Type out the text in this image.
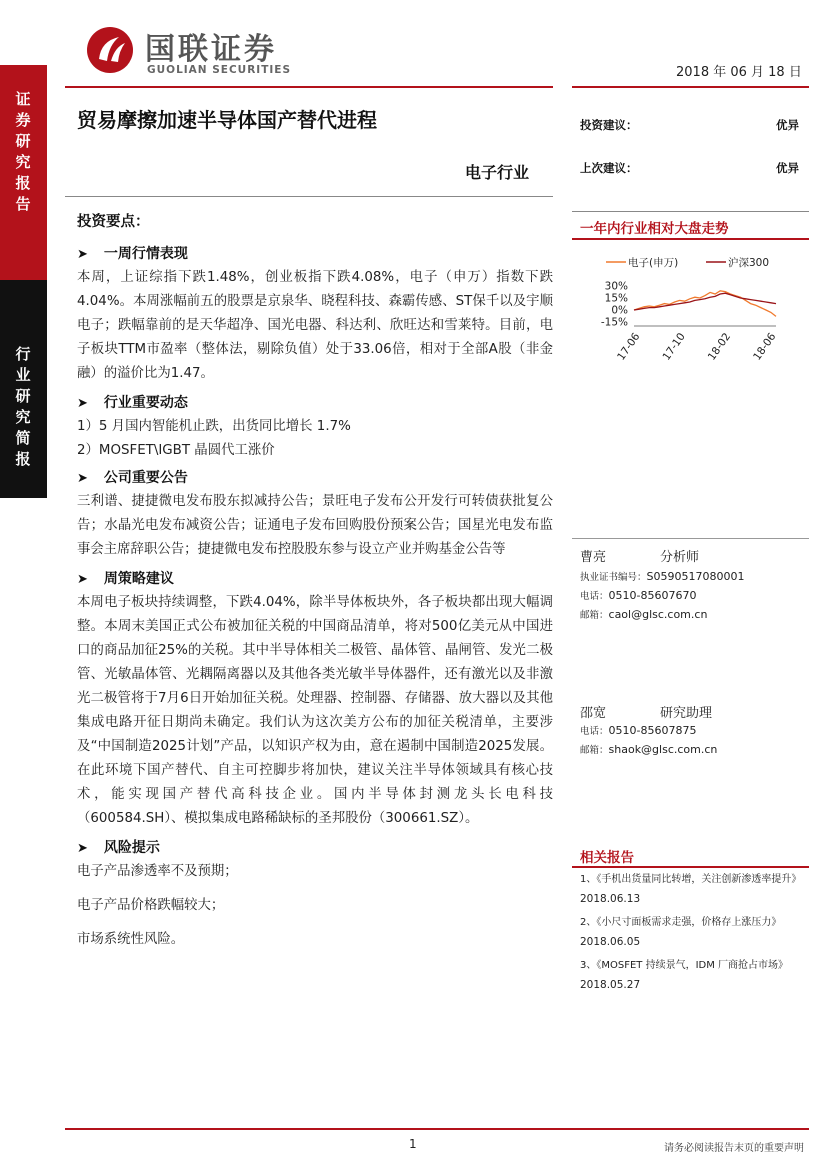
国联证券
GUOLIAN SECURITIES	2018 年 06 月 18 日
证券研究报告
行业研究简报
贸易摩擦加速半导体国产替代进程
电子行业
投资建议：	优异
上次建议：	优异
一年内行业相对大盘走势
电子(申万)	沪深300
30%
15%
0%
-15%
17-06 17-10 18-02 18-06
曹亮	分析师
执业证书编号：S0590517080001
电话：0510-85607670
邮箱：caol@glsc.com.cn
邵宽	研究助理
电话：0510-85607875
邮箱：shaok@glsc.com.cn
相关报告
1、《手机出货量同比转增，关注创新渗透率提升》
2018.06.13
2、《小尺寸面板需求走强，价格存上涨压力》
2018.06.05
3、《MOSFET 持续景气，IDM 厂商抢占市场》
2018.05.27
投资要点：
➤ 一周行情表现
本周，上证综指下跌1.48%，创业板指下跌4.08%，电子（申万）指数下跌4.04%。本周涨幅前五的股票是京泉华、晓程科技、森霸传感、ST保千以及宇顺电子；跌幅靠前的是天华超净、国光电器、科达利、欣旺达和雪莱特。目前，电子板块TTM市盈率（整体法，剔除负值）处于33.06倍，相对于全部A股（非金融）的溢价比为1.47。
➤ 行业重要动态
1）5 月国内智能机止跌，出货同比增长 1.7%
2）MOSFET\IGBT 晶圆代工涨价
➤ 公司重要公告
三利谱、捷捷微电发布股东拟减持公告；景旺电子发布公开发行可转债获批复公告；水晶光电发布减资公告；证通电子发布回购股份预案公告；国星光电发布监事会主席辞职公告；捷捷微电发布控股股东参与设立产业并购基金公告等
➤ 周策略建议
本周电子板块持续调整，下跌4.04%，除半导体板块外，各子板块都出现大幅调整。本周末美国正式公布被加征关税的中国商品清单，将对500亿美元从中国进口的商品加征25%的关税。其中半导体相关二极管、晶体管、晶闸管、发光二极管、光敏晶体管、光耦隔离器以及其他各类光敏半导体器件，还有激光以及非激光二极管将于7月6日开始加征关税。处理器、控制器、存储器、放大器以及其他集成电路开征日期尚未确定。我们认为这次美方公布的加征关税清单，主要涉及“中国制造2025计划”产品，以知识产权为由，意在遏制中国制造2025发展。在此环境下国产替代、自主可控脚步将加快，建议关注半导体领域具有核心技术，能实现国产替代高科技企业。国内半导体封测龙头长电科技（600584.SH）、模拟集成电路稀缺标的圣邦股份（300661.SZ）。
➤ 风险提示
电子产品渗透率不及预期；
电子产品价格跌幅较大；
市场系统性风险。
1	请务必阅读报告末页的重要声明
